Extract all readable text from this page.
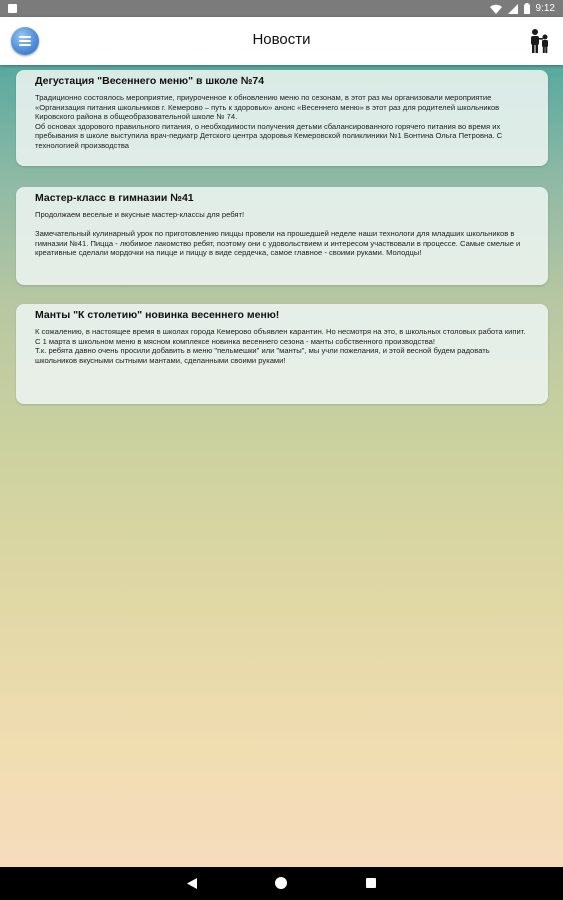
9:12
Новости
Дегустация "Весеннего меню" в школе №74

Традиционно состоялось мероприятие, приуроченное к обновлению меню по сезонам, в этот раз мы организовали мероприятие «Организация питания школьников г. Кемерово – путь к здоровью» анонс «Весеннего меню» в этот раз для родителей школьников Кировского района в общеобразовательной школе № 74.

Об основах здорового правильного питания, о необходимости получения детьми сбалансированного горячего питания во время их пребывания в школе выступила врач-педиатр Детского центра здоровья Кемеровской поликлиники №1 Бонтина Ольга Петровна. С технологией производства

Мастер-класс в гимназии №41

Продолжаем веселые и вкусные мастер-классы для ребят!

Замечательный кулинарный урок по приготовлению пиццы провели на прошедшей неделе наши технологи для младших школьников в гимназии №41. Пицца - любимое лакомство ребят, поэтому они с удовольствием и интересом участвовали в процессе. Самые смелые и креативные сделали мордочки на пицце и пиццу в виде сердечка, самое главное - своими руками. Молодцы!

Манты "К столетию" новинка весеннего меню!

К сожалению, в настоящее время в школах города Кемерово объявлен карантин. Но несмотря на это, в школьных столовых работа кипит.

С 1 марта в школьном меню в мясном комплексе новинка весеннего сезона - манты собственного производства!

Т.к. ребята давно очень просили добавить в меню "пельмешки" или "манты", мы учли пожелания, и этой весной будем радовать школьников вкусными сытными мантами, сделанными своими руками!
